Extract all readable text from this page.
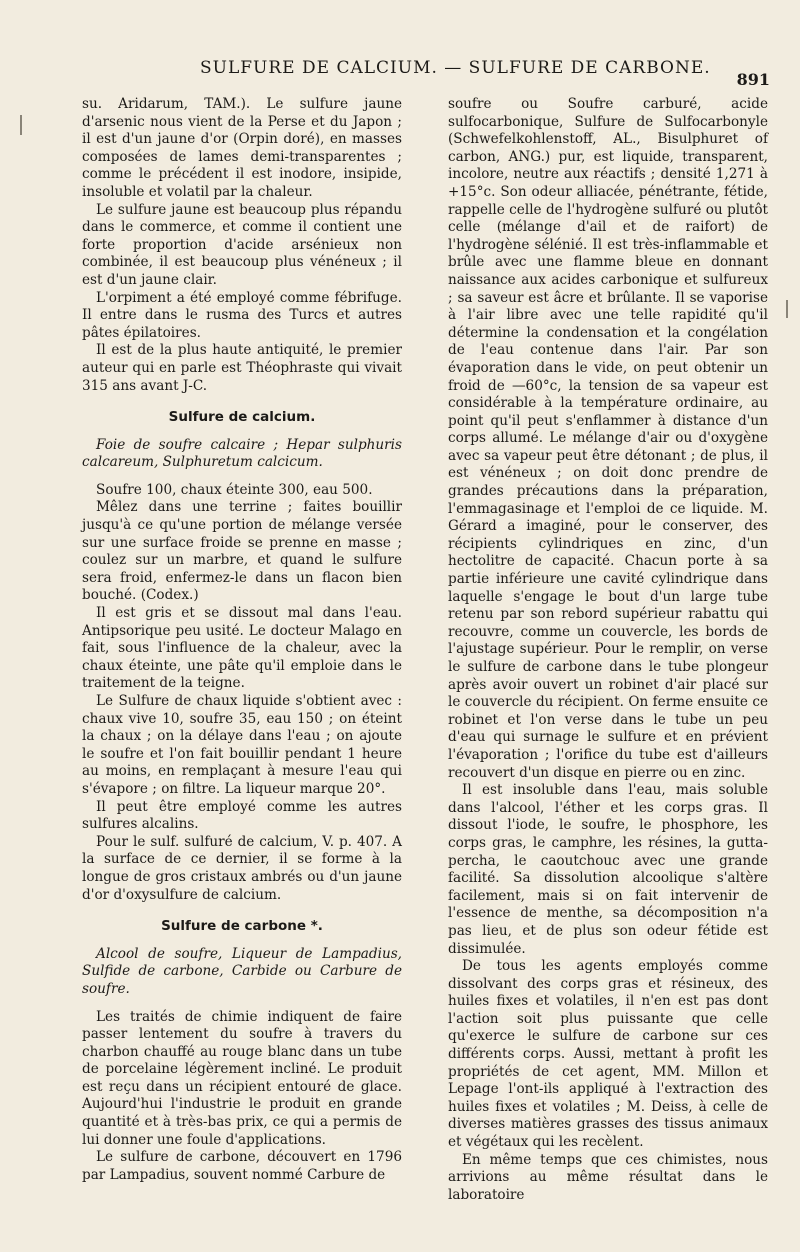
SULFURE DE CALCIUM. — SULFURE DE CARBONE.
891

su. Aridarum, TAM.). Le sulfure jaune d'arsenic nous vient de la Perse et du Japon ; il est d'un jaune d'or (Orpin doré), en masses composées de lames demi-transparentes ; comme le précédent il est inodore, insipide, insoluble et volatil par la chaleur.

Le sulfure jaune est beaucoup plus répandu dans le commerce, et comme il contient une forte proportion d'acide arsénieux non combinée, il est beaucoup plus vénéneux ; il est d'un jaune clair.

L'orpiment a été employé comme fébrifuge. Il entre dans le rusma des Turcs et autres pâtes épilatoires.

Il est de la plus haute antiquité, le premier auteur qui en parle est Théophraste qui vivait 315 ans avant J-C.

Sulfure de calcium.

Foie de soufre calcaire ; Hepar sulphuris calcareum, Sulphuretum calcicum.

Soufre 100, chaux éteinte 300, eau 500.

Mêlez dans une terrine ; faites bouillir jusqu'à ce qu'une portion de mélange versée sur une surface froide se prenne en masse ; coulez sur un marbre, et quand le sulfure sera froid, enfermez-le dans un flacon bien bouché. (Codex.)

Il est gris et se dissout mal dans l'eau. Antipsorique peu usité. Le docteur Malago en fait, sous l'influence de la chaleur, avec la chaux éteinte, une pâte qu'il emploie dans le traitement de la teigne.

Le Sulfure de chaux liquide s'obtient avec : chaux vive 10, soufre 35, eau 150 ; on éteint la chaux ; on la délaye dans l'eau ; on ajoute le soufre et l'on fait bouillir pendant 1 heure au moins, en remplaçant à mesure l'eau qui s'évapore ; on filtre. La liqueur marque 20°.

Il peut être employé comme les autres sulfures alcalins.

Pour le sulf. sulfuré de calcium, V. p. 407. A la surface de ce dernier, il se forme à la longue de gros cristaux ambrés ou d'un jaune d'or d'oxysulfure de calcium.

Sulfure de carbone *.

Alcool de soufre, Liqueur de Lampadius, Sulfide de carbone, Carbide ou Carbure de soufre.

Les traités de chimie indiquent de faire passer lentement du soufre à travers du charbon chauffé au rouge blanc dans un tube de porcelaine légèrement incliné. Le produit est reçu dans un récipient entouré de glace. Aujourd'hui l'industrie le produit en grande quantité et à très-bas prix, ce qui a permis de lui donner une foule d'applications.

Le sulfure de carbone, découvert en 1796 par Lampadius, souvent nommé Carbure de

soufre ou Soufre carburé, acide sulfocarbonique, Sulfure de Sulfocarbonyle (Schwefelkohlenstoff, AL., Bisulphuret of carbon, ANG.) pur, est liquide, transparent, incolore, neutre aux réactifs ; densité 1,271 à +15°c. Son odeur alliacée, pénétrante, fétide, rappelle celle de l'hydrogène sulfuré ou plutôt celle (mélange d'ail et de raifort) de l'hydrogène sélénié. Il est très-inflammable et brûle avec une flamme bleue en donnant naissance aux acides carbonique et sulfureux ; sa saveur est âcre et brûlante. Il se vaporise à l'air libre avec une telle rapidité qu'il détermine la condensation et la congélation de l'eau contenue dans l'air. Par son évaporation dans le vide, on peut obtenir un froid de —60°c, la tension de sa vapeur est considérable à la température ordinaire, au point qu'il peut s'enflammer à distance d'un corps allumé. Le mélange d'air ou d'oxygène avec sa vapeur peut être détonant ; de plus, il est vénéneux ; on doit donc prendre de grandes précautions dans la préparation, l'emmagasinage et l'emploi de ce liquide. M. Gérard a imaginé, pour le conserver, des récipients cylindriques en zinc, d'un hectolitre de capacité. Chacun porte à sa partie inférieure une cavité cylindrique dans laquelle s'engage le bout d'un large tube retenu par son rebord supérieur rabattu qui recouvre, comme un couvercle, les bords de l'ajustage supérieur. Pour le remplir, on verse le sulfure de carbone dans le tube plongeur après avoir ouvert un robinet d'air placé sur le couvercle du récipient. On ferme ensuite ce robinet et l'on verse dans le tube un peu d'eau qui surnage le sulfure et en prévient l'évaporation ; l'orifice du tube est d'ailleurs recouvert d'un disque en pierre ou en zinc.

Il est insoluble dans l'eau, mais soluble dans l'alcool, l'éther et les corps gras. Il dissout l'iode, le soufre, le phosphore, les corps gras, le camphre, les résines, la gutta-percha, le caoutchouc avec une grande facilité. Sa dissolution alcoolique s'altère facilement, mais si on fait intervenir de l'essence de menthe, sa décomposition n'a pas lieu, et de plus son odeur fétide est dissimulée.

De tous les agents employés comme dissolvant des corps gras et résineux, des huiles fixes et volatiles, il n'en est pas dont l'action soit plus puissante que celle qu'exerce le sulfure de carbone sur ces différents corps. Aussi, mettant à profit les propriétés de cet agent, MM. Millon et Lepage l'ont-ils appliqué à l'extraction des huiles fixes et volatiles ; M. Deiss, à celle de diverses matières grasses des tissus animaux et végétaux qui les recèlent.

En même temps que ces chimistes, nous arrivions au même résultat dans le laboratoire
